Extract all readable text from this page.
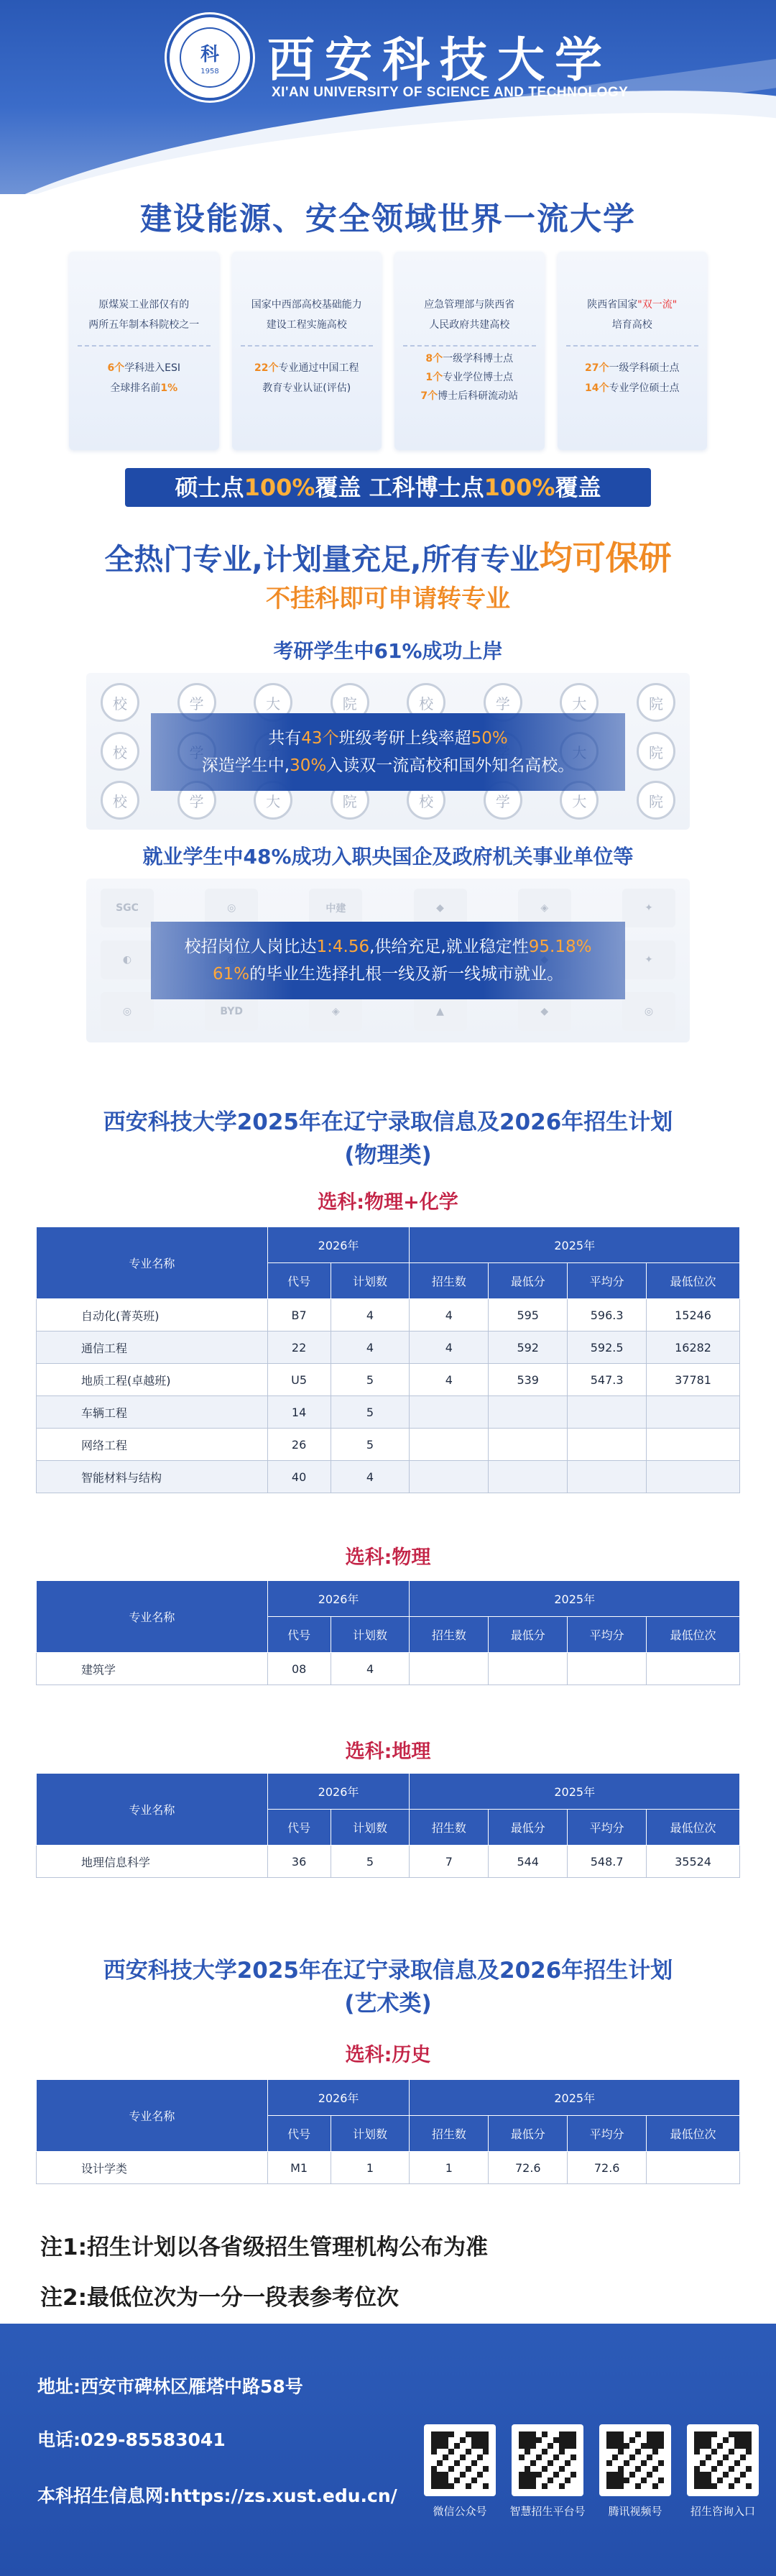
科
1958 西安科技大学
XI'AN UNIVERSITY OF SCIENCE AND TECHNOLOGY
建设能源、安全领域世界一流大学
原煤炭工业部仅有的
两所五年制本科院校之一
6个学科进入ESI
全球排名前1%
国家中西部高校基础能力
建设工程实施高校
22个专业通过中国工程
教育专业认证(评估)
应急管理部与陕西省
人民政府共建高校
8个一级学科博士点
1个专业学位博士点
7个博士后科研流动站
陕西省国家"双一流"
培育高校
27个一级学科硕士点
14个专业学位硕士点
硕士点100%覆盖 工科博士点100%覆盖
全热门专业,计划量充足,所有专业均可保研
不挂科即可申请转专业
考研学生中61%成功上岸
校	学	大	院	校	学	大	院
校	院
校	学	大	院	校	学	大	院
共有43个班级考研上线率超50%
深造学生中,30%入读双一流高校和国外知名高校。
就业学生中48%成功入职央国企及政府机关事业单位等
SGC	◎	中建	◆	◈	✦
◐	✦
◎	BYD	◈	▲	◆	◎
校招岗位人岗比达1:4.56,供给充足,就业稳定性95.18%
61%的毕业生选择扎根一线及新一线城市就业。
西安科技大学2025年在辽宁录取信息及2026年招生计划
(物理类)
选科:物理+化学
专业名称	2026年		2025年			
	代号	计划数	招生数	最低分	平均分	最低位次
自动化(菁英班)	B7	4	4	595	596.3	15246
通信工程	22	4	4	592	592.5	16282
地质工程(卓越班)	U5	5	4	539	547.3	37781
车辆工程	14	5				
网络工程	26	5				
智能材料与结构	40	4				
选科:物理
专业名称	2026年		2025年			
	代号	计划数	招生数	最低分	平均分	最低位次
建筑学	08	4				
选科:地理
专业名称	2026年		2025年			
	代号	计划数	招生数	最低分	平均分	最低位次
地理信息科学	36	5	7	544	548.7	35524
西安科技大学2025年在辽宁录取信息及2026年招生计划
(艺术类)
选科:历史
专业名称	2026年		2025年			
	代号	计划数	招生数	最低分	平均分	最低位次
设计学类	M1	1	1	72.6	72.6	
注1:招生计划以各省级招生管理机构公布为准
注2:最低位次为一分一段表参考位次
地址:西安市碑林区雁塔中路58号
电话:029-85583041
本科招生信息网:https://zs.xust.edu.cn/
微信公众号	智慧招生平台号	腾讯视频号	招生咨询入口
